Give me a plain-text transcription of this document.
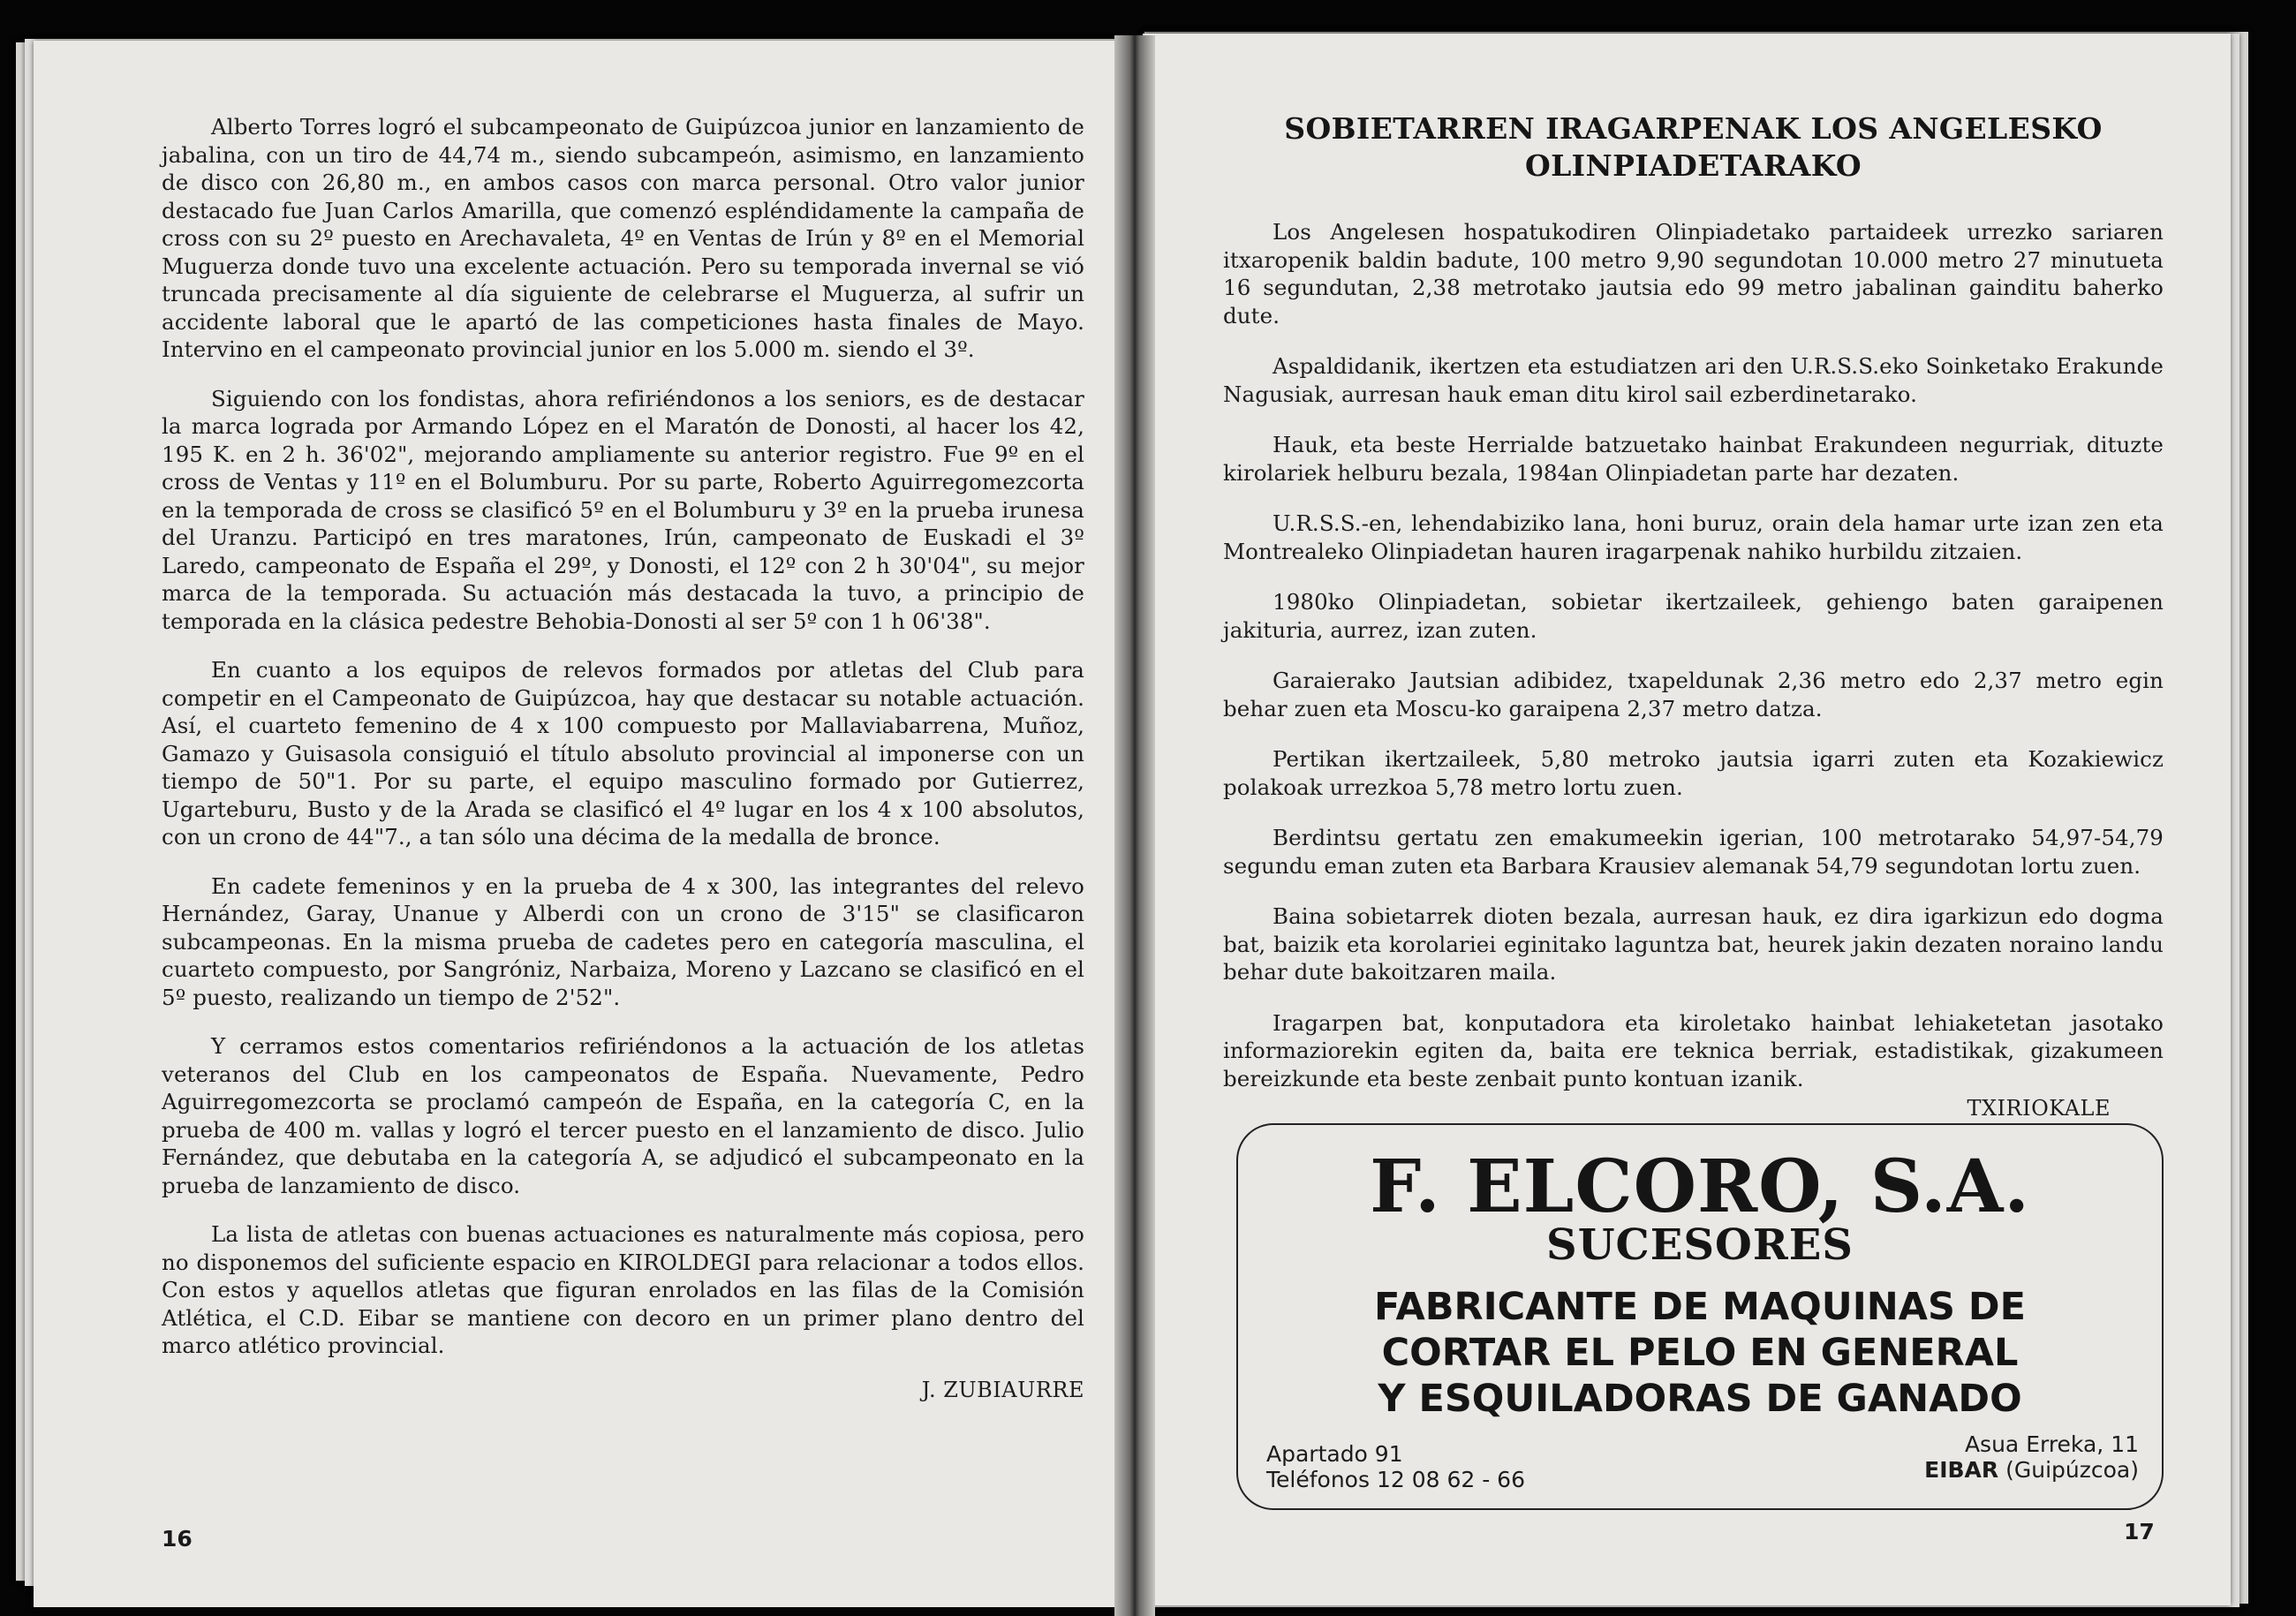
Alberto Torres logró el subcampeonato de Guipúzcoa junior en lanzamiento de jabalina, con un tiro de 44,74 m., siendo subcampeón, asimismo, en lanzamiento de disco con 26,80 m., en ambos casos con marca personal. Otro valor junior destacado fue Juan Carlos Amarilla, que comenzó espléndidamente la campaña de cross con su 2º puesto en Arechavaleta, 4º en Ventas de Irún y 8º en el Memorial Muguerza donde tuvo una excelente actuación. Pero su temporada invernal se vió truncada precisamente al día siguiente de celebrarse el Muguerza, al sufrir un accidente laboral que le apartó de las competiciones hasta finales de Mayo. Intervino en el campeonato provincial junior en los 5.000 m. siendo el 3º.

Siguiendo con los fondistas, ahora refiriéndonos a los seniors, es de destacar la marca lograda por Armando López en el Maratón de Donosti, al hacer los 42, 195 K. en 2 h. 36'02", mejorando ampliamente su anterior registro. Fue 9º en el cross de Ventas y 11º en el Bolumburu. Por su parte, Roberto Aguirregomezcorta en la temporada de cross se clasificó 5º en el Bolumburu y 3º en la prueba irunesa del Uranzu. Participó en tres maratones, Irún, campeonato de Euskadi el 3º Laredo, campeonato de España el 29º, y Donosti, el 12º con 2 h 30'04", su mejor marca de la temporada. Su actuación más destacada la tuvo, a principio de temporada en la clásica pedestre Behobia-Donosti al ser 5º con 1 h 06'38".

En cuanto a los equipos de relevos formados por atletas del Club para competir en el Campeonato de Guipúzcoa, hay que destacar su notable actuación. Así, el cuarteto femenino de 4 x 100 compuesto por Mallaviabarrena, Muñoz, Gamazo y Guisasola consiguió el título absoluto provincial al imponerse con un tiempo de 50"1. Por su parte, el equipo masculino formado por Gutierrez, Ugarteburu, Busto y de la Arada se clasificó el 4º lugar en los 4 x 100 absolutos, con un crono de 44"7., a tan sólo una décima de la medalla de bronce.

En cadete femeninos y en la prueba de 4 x 300, las integrantes del relevo Hernández, Garay, Unanue y Alberdi con un crono de 3'15" se clasificaron subcampeonas. En la misma prueba de cadetes pero en categoría masculina, el cuarteto compuesto, por Sangróniz, Narbaiza, Moreno y Lazcano se clasificó en el 5º puesto, realizando un tiempo de 2'52".

Y cerramos estos comentarios refiriéndonos a la actuación de los atletas veteranos del Club en los campeonatos de España. Nuevamente, Pedro Aguirregomezcorta se proclamó campeón de España, en la categoría C, en la prueba de 400 m. vallas y logró el tercer puesto en el lanzamiento de disco. Julio Fernández, que debutaba en la categoría A, se adjudicó el subcampeonato en la prueba de lanzamiento de disco.

La lista de atletas con buenas actuaciones es naturalmente más copiosa, pero no disponemos del suficiente espacio en KIROLDEGI para relacionar a todos ellos. Con estos y aquellos atletas que figuran enrolados en las filas de la Comisión Atlética, el C.D. Eibar se mantiene con decoro en un primer plano dentro del marco atlético provincial.

J. ZUBIAURRE

16
SOBIETARREN IRAGARPENAK LOS ANGELESKO
OLINPIADETARAKO

Los Angelesen hospatukodiren Olinpiadetako partaideek urrezko sariaren itxaropenik baldin badute, 100 metro 9,90 segundotan 10.000 metro 27 minutueta 16 segundutan, 2,38 metrotako jautsia edo 99 metro jabalinan gainditu baherko dute.

Aspaldidanik, ikertzen eta estudiatzen ari den U.R.S.S.eko Soinketako Erakunde Nagusiak, aurresan hauk eman ditu kirol sail ezberdinetarako.

Hauk, eta beste Herrialde batzuetako hainbat Erakundeen negurriak, dituzte kirolariek helburu bezala, 1984an Olinpiadetan parte har dezaten.

U.R.S.S.-en, lehendabiziko lana, honi buruz, orain dela hamar urte izan zen eta Montrealeko Olinpiadetan hauren iragarpenak nahiko hurbildu zitzaien.

1980ko Olinpiadetan, sobietar ikertzaileek, gehiengo baten garaipenen jakituria, aurrez, izan zuten.

Garaierako Jautsian adibidez, txapeldunak 2,36 metro edo 2,37 metro egin behar zuen eta Moscu-ko garaipena 2,37 metro datza.

Pertikan ikertzaileek, 5,80 metroko jautsia igarri zuten eta Kozakiewicz polakoak urrezkoa 5,78 metro lortu zuen.

Berdintsu gertatu zen emakumeekin igerian, 100 metrotarako 54,97-54,79 segundu eman zuten eta Barbara Krausiev alemanak 54,79 segundotan lortu zuen.

Baina sobietarrek dioten bezala, aurresan hauk, ez dira igarkizun edo dogma bat, baizik eta korolariei eginitako laguntza bat, heurek jakin dezaten noraino landu behar dute bakoitzaren maila.

Iragarpen bat, konputadora eta kiroletako hainbat lehiaketetan jasotako informaziorekin egiten da, baita ere teknica berriak, estadistikak, gizakumeen bereizkunde eta beste zenbait punto kontuan izanik.

TXIRIOKALE

F. ELCORO, S.A.
SUCESORES
FABRICANTE DE MAQUINAS DE
CORTAR EL PELO EN GENERAL
Y ESQUILADORAS DE GANADO
Apartado 91
Teléfonos 12 08 62 - 66
Asua Erreka, 11
EIBAR (Guipúzcoa)
17
